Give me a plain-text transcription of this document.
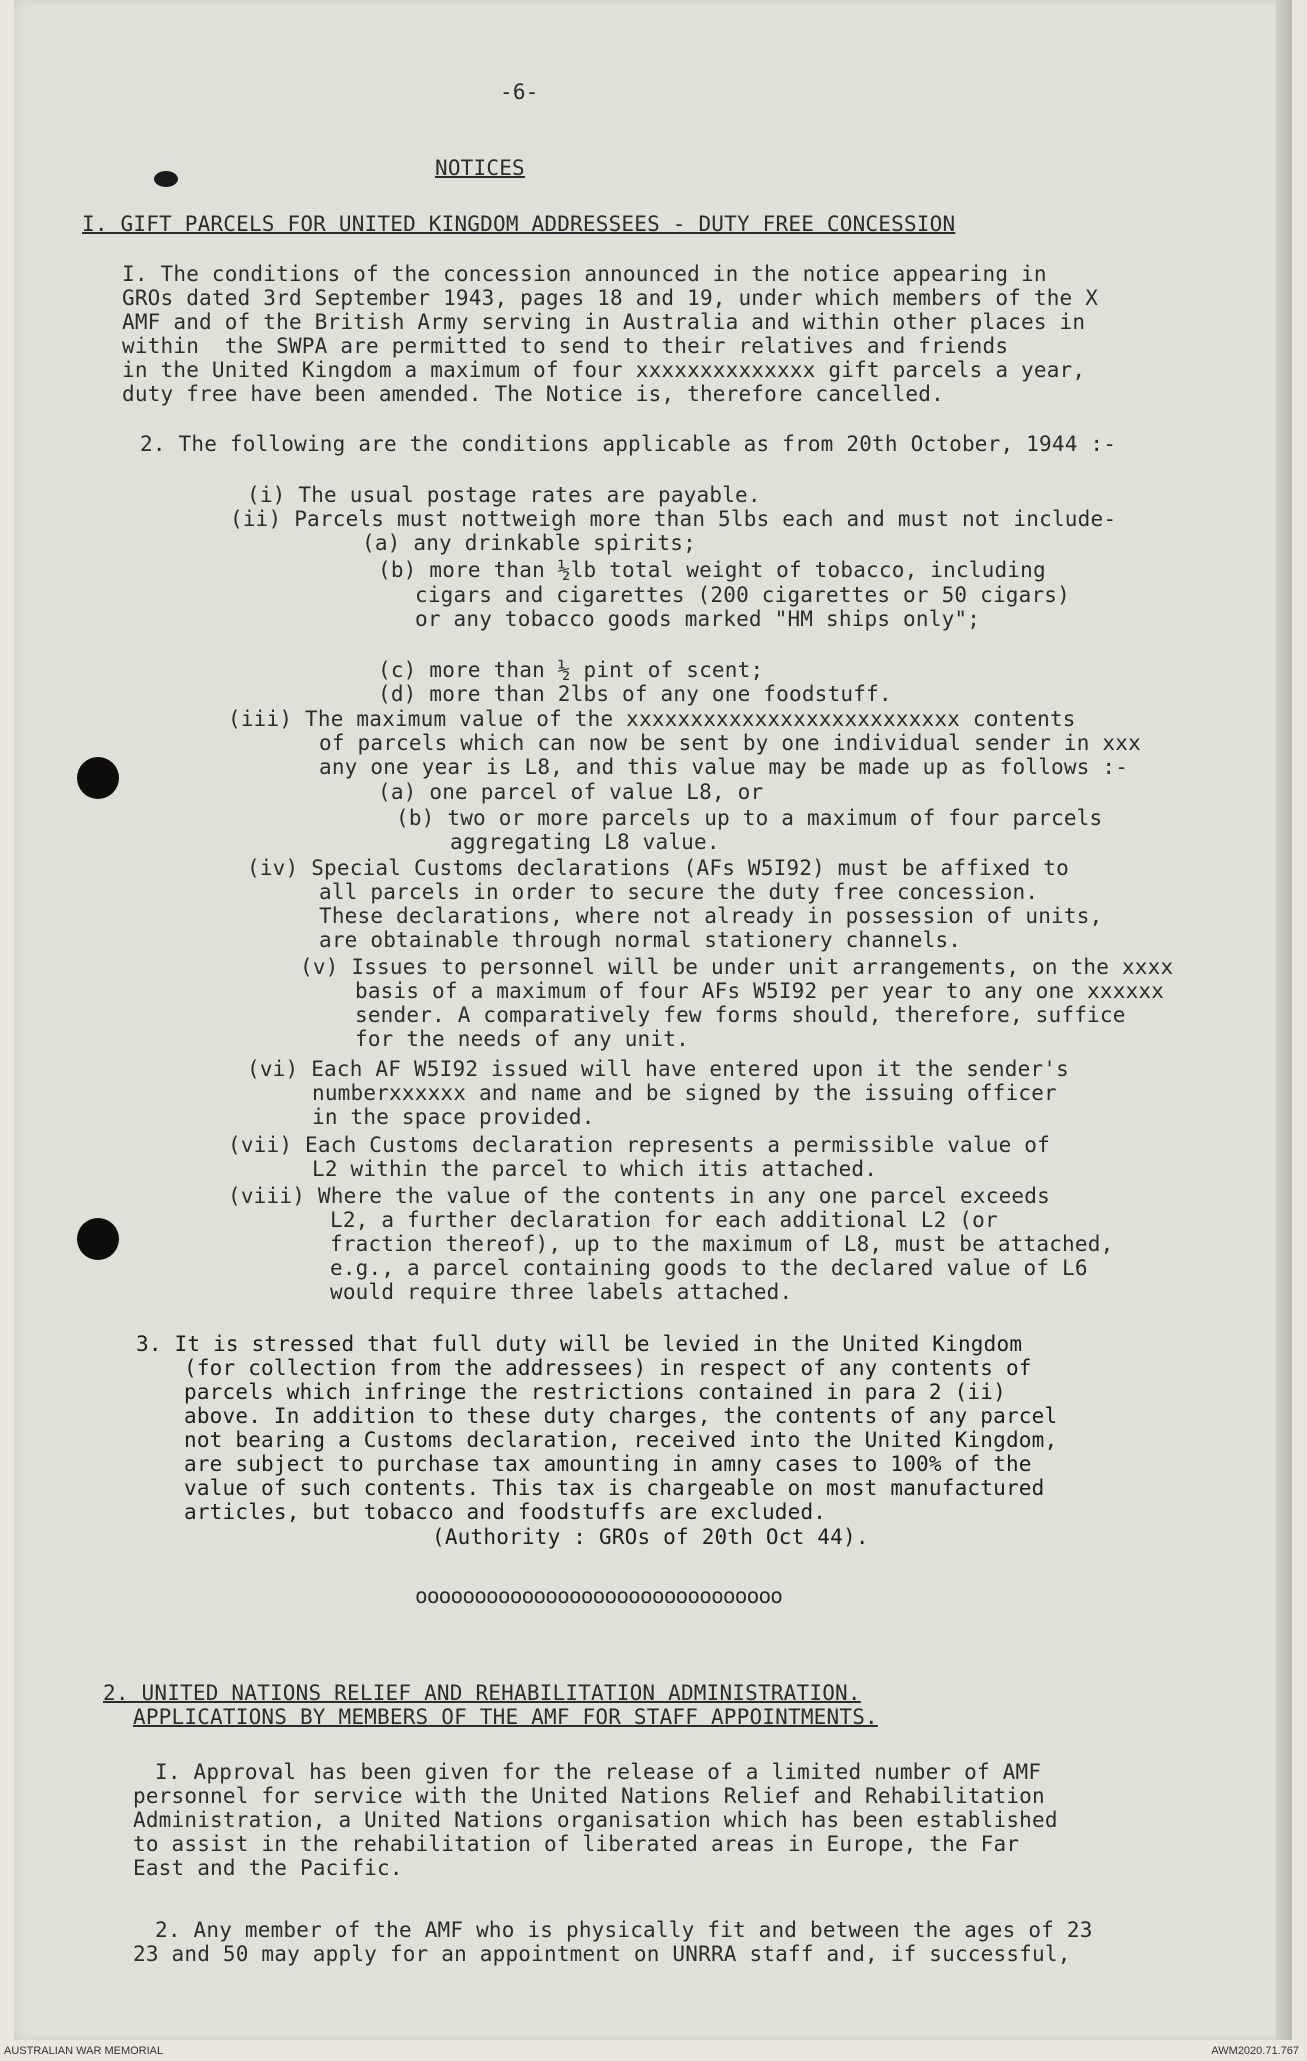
-6-
NOTICES
I. GIFT PARCELS FOR UNITED KINGDOM ADDRESSEES - DUTY FREE CONCESSION
I. The conditions of the concession announced in the notice appearing in
GROs dated 3rd September 1943, pages 18 and 19, under which members of the X
AMF and of the British Army serving in Australia and within other places in
within  the SWPA are permitted to send to their relatives and friends
in the United Kingdom a maximum of four xxxxxxxxxxxxxx gift parcels a year,
duty free have been amended. The Notice is, therefore cancelled.
2. The following are the conditions applicable as from 20th October, 1944 :-
(i) The usual postage rates are payable.
(ii) Parcels must nottweigh more than 5lbs each and must not include-
(a) any drinkable spirits;
(b) more than ½lb total weight of tobacco, including
cigars and cigarettes (200 cigarettes or 50 cigars)
or any tobacco goods marked "HM ships only";
(c) more than ½ pint of scent;
(d) more than 2lbs of any one foodstuff.
(iii) The maximum value of the xxxxxxxxxxxxxxxxxxxxxxxxxx contents
of parcels which can now be sent by one individual sender in xxx
any one year is L8, and this value may be made up as follows :-
(a) one parcel of value L8, or
(b) two or more parcels up to a maximum of four parcels
aggregating L8 value.
(iv) Special Customs declarations (AFs W5I92) must be affixed to
all parcels in order to secure the duty free concession.
These declarations, where not already in possession of units,
are obtainable through normal stationery channels.
(v) Issues to personnel will be under unit arrangements, on the xxxx
basis of a maximum of four AFs W5I92 per year to any one xxxxxx
sender. A comparatively few forms should, therefore, suffice
for the needs of any unit.
(vi) Each AF W5I92 issued will have entered upon it the sender's
numberxxxxxx and name and be signed by the issuing officer
in the space provided.
(vii) Each Customs declaration represents a permissible value of
L2 within the parcel to which itis attached.
(viii) Where the value of the contents in any one parcel exceeds
L2, a further declaration for each additional L2 (or
fraction thereof), up to the maximum of L8, must be attached,
e.g., a parcel containing goods to the declared value of L6
would require three labels attached.
3. It is stressed that full duty will be levied in the United Kingdom
(for collection from the addressees) in respect of any contents of
parcels which infringe the restrictions contained in para 2 (ii)
above. In addition to these duty charges, the contents of any parcel
not bearing a Customs declaration, received into the United Kingdom,
are subject to purchase tax amounting in amny cases to 100% of the
value of such contents. This tax is chargeable on most manufactured
articles, but tobacco and foodstuffs are excluded.
(Authority : GROs of 20th Oct 44).
ooooooooooooooooooooooooooooooo
2. UNITED NATIONS RELIEF AND REHABILITATION ADMINISTRATION.
APPLICATIONS BY MEMBERS OF THE AMF FOR STAFF APPOINTMENTS.
I. Approval has been given for the release of a limited number of AMF
personnel for service with the United Nations Relief and Rehabilitation
Administration, a United Nations organisation which has been established
to assist in the rehabilitation of liberated areas in Europe, the Far
East and the Pacific.
2. Any member of the AMF who is physically fit and between the ages of 23
23 and 50 may apply for an appointment on UNRRA staff and, if successful,
AUSTRALIAN WAR MEMORIAL	AWM2020.71.767
